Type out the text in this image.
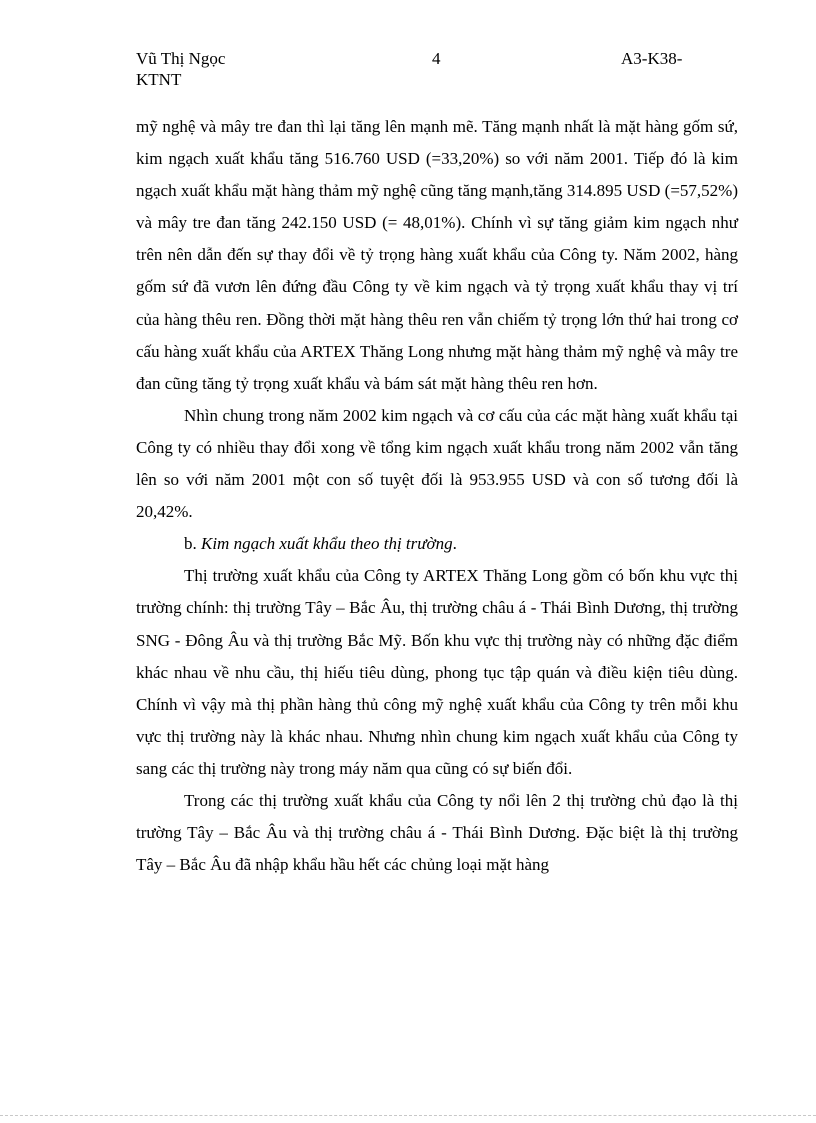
Vũ Thị Ngọc
KTNT
4	A3-K38-

mỹ nghệ và mây tre đan thì lại tăng lên mạnh mẽ. Tăng mạnh nhất là mặt hàng gốm sứ, kim ngạch xuất khẩu tăng 516.760 USD (=33,20%) so với năm 2001. Tiếp đó là kim ngạch xuất khẩu mặt hàng thảm mỹ nghệ cũng tăng mạnh,tăng 314.895 USD (=57,52%) và mây tre đan tăng 242.150 USD (= 48,01%). Chính vì sự tăng giảm kim ngạch như trên nên dẫn đến sự thay đổi về tỷ trọng hàng xuất khẩu của Công ty. Năm 2002, hàng gốm sứ đã vươn lên đứng đầu Công ty về kim ngạch và tỷ trọng xuất khẩu thay vị trí của hàng thêu ren. Đồng thời mặt hàng thêu ren vẫn chiếm tỷ trọng lớn thứ hai trong cơ cấu hàng xuất khẩu của ARTEX Thăng Long nhưng mặt hàng thảm mỹ nghệ và mây tre đan cũng tăng tỷ trọng xuất khẩu và bám sát mặt hàng thêu ren hơn.

Nhìn chung trong năm 2002 kim ngạch và cơ cấu của các mặt hàng xuất khẩu tại Công ty có nhiều thay đổi xong về tổng kim ngạch xuất khẩu trong năm 2002 vẫn tăng lên so với năm 2001 một con số tuyệt đối là 953.955 USD và con số tương đối là 20,42%.

b. Kim ngạch xuất khẩu theo thị trường.

Thị trường xuất khẩu của Công ty ARTEX Thăng Long gồm có bốn khu vực thị trường chính: thị trường Tây – Bắc Âu, thị trường châu á - Thái Bình Dương, thị trường SNG - Đông Âu và thị trường Bắc Mỹ. Bốn khu vực thị trường này có những đặc điểm khác nhau về nhu cầu, thị hiếu tiêu dùng, phong tục tập quán và điều kiện tiêu dùng. Chính vì vậy mà thị phần hàng thủ công mỹ nghệ xuất khẩu của Công ty trên mỗi khu vực thị trường này là khác nhau. Nhưng nhìn chung kim ngạch xuất khẩu của Công ty sang các thị trường này trong máy năm qua cũng có sự biến đổi.

Trong các thị trường xuất khẩu của Công ty nổi lên 2 thị trường chủ đạo là thị trường Tây – Bắc Âu và thị trường châu á - Thái Bình Dương. Đặc biệt là thị trường Tây – Bắc Âu đã nhập khẩu hầu hết các chủng loại mặt hàng
